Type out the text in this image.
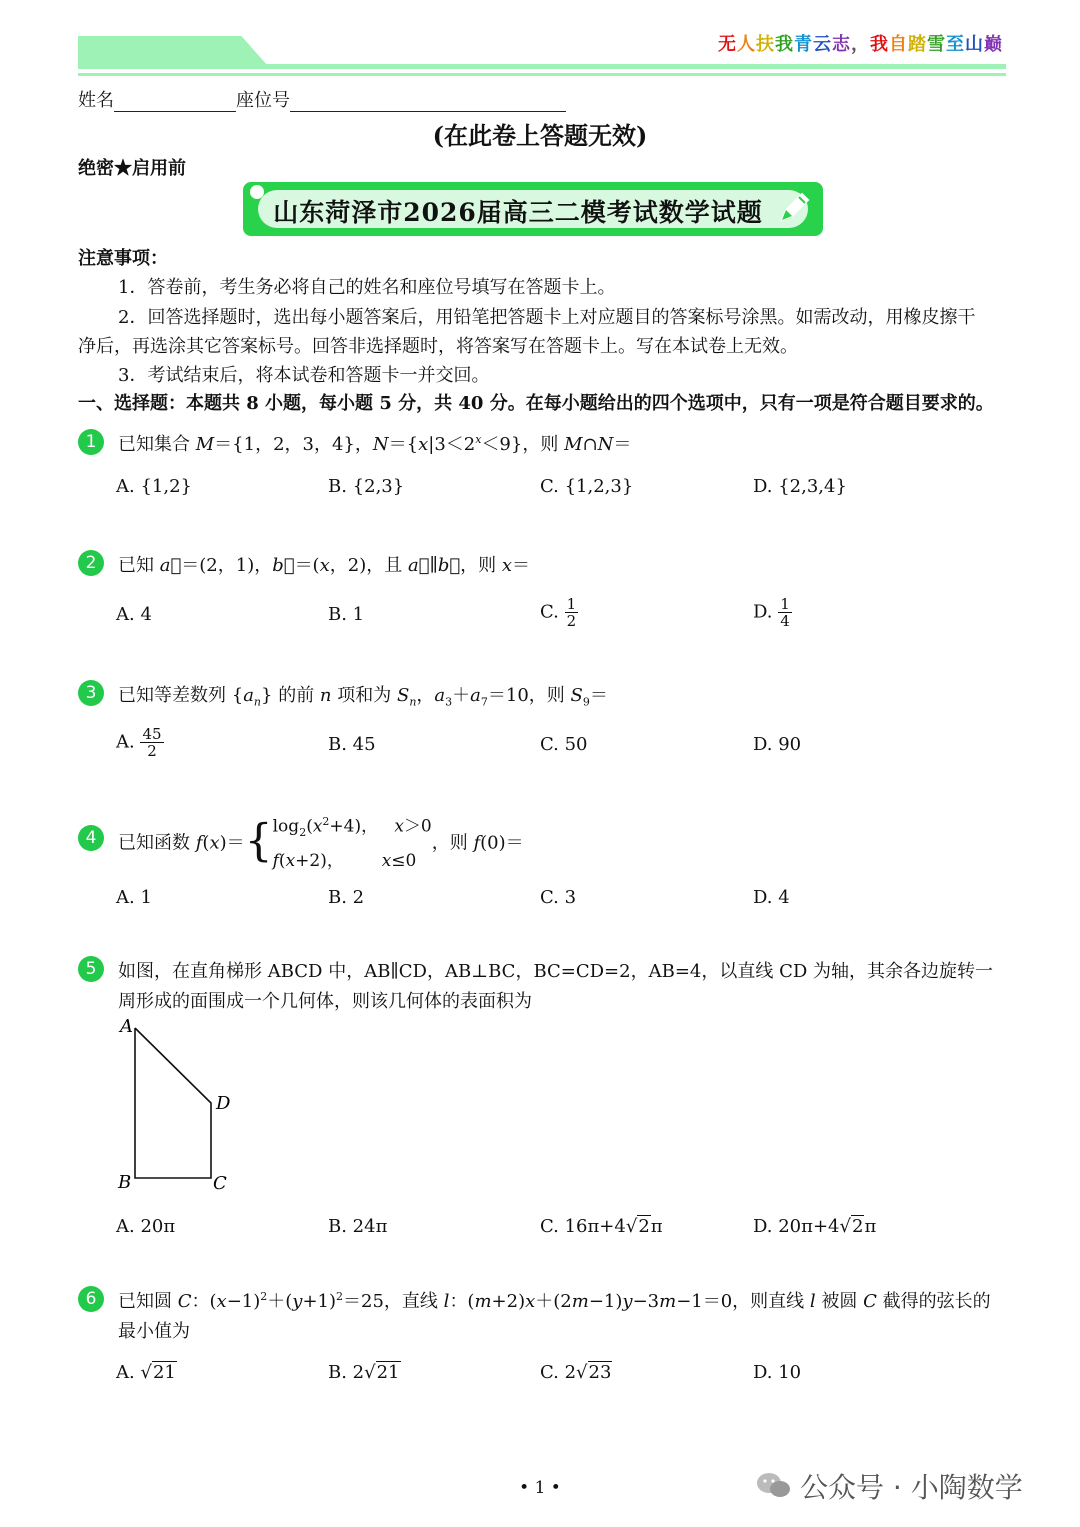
无人扶我青云志，我自踏雪至山巅
姓名	座位号
(在此卷上答题无效)
绝密★启用前
山东菏泽市2026届高三二模考试数学试题
注意事项：
1．答卷前，考生务必将自己的姓名和座位号填写在答题卡上。
2．回答选择题时，选出每小题答案后，用铅笔把答题卡上对应题目的答案标号涂黑。如需改动，用橡皮擦干
净后，再选涂其它答案标号。回答非选择题时，将答案写在答题卡上。写在本试卷上无效。
3．考试结束后，将本试卷和答题卡一并交回。
一、选择题：本题共 8 小题，每小题 5 分，共 40 分。在每小题给出的四个选项中，只有一项是符合题目要求的。
1	已知集合 M＝{1，2，3，4}，$N=\{x|3<2^x<9\}$，则 M∩N＝
A. {1,2}	B. {2,3}	C. {1,2,3}	D. {2,3,4}
2	已知 a⃗＝(2，1)，b⃗＝(x，2)，且 a⃗∥b⃗，则 x＝
A. 4	B. 1	C. $\frac{1}{2}$	D. $\frac{1}{4}$
3	已知等差数列 $\{a_n\}$ 的前 n 项和为 $S_n$，$a_3+a_7=10$，则 $S_9=$
A. $\frac{45}{2}$	B. 45	C. 50	D. 90
4	已知函数 $f(x)=\{\log_2(x^2+4)$，   x＞0
f(x+2)，       x≤0，则 f(0)＝
A. 1	B. 2	C. 3	D. 4
5	如图，在直角梯形 ABCD 中，AB∥CD，AB⊥BC，BC=CD=2，AB=4，以直线 CD 为轴，其余各边旋转一
周形成的面围成一个几何体，则该几何体的表面积为
A
B	C
D
A. 20π	B. 24π	C. 16π+4√2π	D. 20π+4√2π
6	已知圆 C：$(x-1)^2+(y+1)^2=25$，直线 l：(m+2)x＋(2m−1)y−3m−1＝0，则直线 l 被圆 C 截得的弦长的
最小值为
A. √21	B. 2√21	C. 2√23	D. 10
• 1 •	公众号 · 小陶数学
